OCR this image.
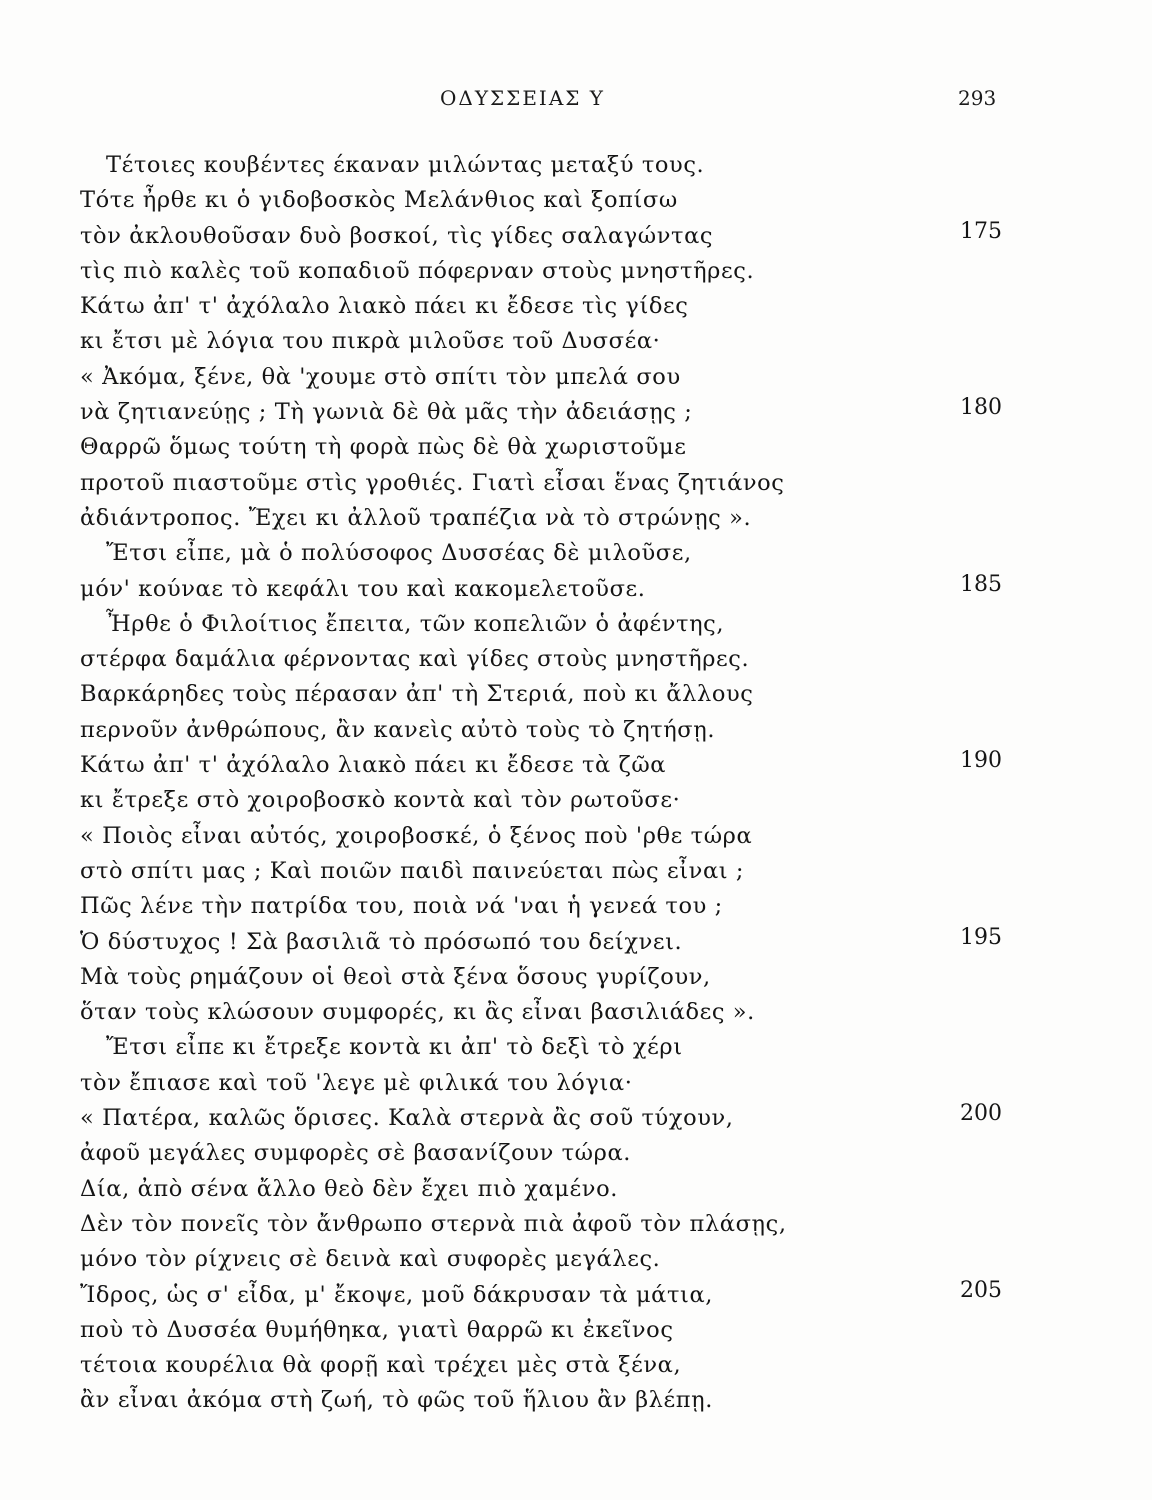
ΟΔΥΣΣΕΙΑΣ Υ	293
Τέτοιες κουβέντες έκαναν μιλώντας μεταξύ τους.
Τότε ἦρθε κι ὁ γιδοβοσκὸς Μελάνθιος καὶ ξοπίσω
τὸν ἀκλουθοῦσαν δυὸ βοσκοί, τὶς γίδες σαλαγώντας	175
τὶς πιὸ καλὲς τοῦ κοπαδιοῦ πόφερναν στοὺς μνηστῆρες.
Κάτω ἀπ' τ' ἀχόλαλο λιακὸ πάει κι ἔδεσε τὶς γίδες
κι ἔτσι μὲ λόγια του πικρὰ μιλοῦσε τοῦ Δυσσέα·
« Ἀκόμα, ξένε, θὰ 'χουμε στὸ σπίτι τὸν μπελά σου
νὰ ζητιανεύῃς ; Τὴ γωνιὰ δὲ θὰ μᾶς τὴν ἀδειάσῃς ;	180
Θαρρῶ ὅμως τούτη τὴ φορὰ πὼς δὲ θὰ χωριστοῦμε
προτοῦ πιαστοῦμε στὶς γροθιές. Γιατὶ εἶσαι ἕνας ζητιάνος
ἀδιάντροπος. Ἔχει κι ἀλλοῦ τραπέζια νὰ τὸ στρώνῃς ».
Ἔτσι εἶπε, μὰ ὁ πολύσοφος Δυσσέας δὲ μιλοῦσε,
μόν' κούναε τὸ κεφάλι του καὶ κακομελετοῦσε.	185
Ἦρθε ὁ Φιλοίτιος ἔπειτα, τῶν κοπελιῶν ὁ ἀφέντης,
στέρφα δαμάλια φέρνοντας καὶ γίδες στοὺς μνηστῆρες.
Βαρκάρηδες τοὺς πέρασαν ἀπ' τὴ Στεριά, ποὺ κι ἄλλους
περνοῦν ἀνθρώπους, ἂν κανεὶς αὐτὸ τοὺς τὸ ζητήσῃ.
Κάτω ἀπ' τ' ἀχόλαλο λιακὸ πάει κι ἔδεσε τὰ ζῶα	190
κι ἔτρεξε στὸ χοιροβοσκὸ κοντὰ καὶ τὸν ρωτοῦσε·
« Ποιὸς εἶναι αὐτός, χοιροβοσκέ, ὁ ξένος ποὺ 'ρθε τώρα
στὸ σπίτι μας ; Καὶ ποιῶν παιδὶ παινεύεται πὼς εἶναι ;
Πῶς λένε τὴν πατρίδα του, ποιὰ νά 'ναι ἡ γενεά του ;
Ὁ δύστυχος ! Σὰ βασιλιᾶ τὸ πρόσωπό του δείχνει.	195
Μὰ τοὺς ρημάζουν οἱ θεοὶ στὰ ξένα ὅσους γυρίζουν,
ὅταν τοὺς κλώσουν συμφορές, κι ἂς εἶναι βασιλιάδες ».
Ἔτσι εἶπε κι ἔτρεξε κοντὰ κι ἀπ' τὸ δεξὶ τὸ χέρι
τὸν ἔπιασε καὶ τοῦ 'λεγε μὲ φιλικά του λόγια·
« Πατέρα, καλῶς ὅρισες. Καλὰ στερνὰ ἂς σοῦ τύχουν,	200
ἀφοῦ μεγάλες συμφορὲς σὲ βασανίζουν τώρα.
Δία, ἀπὸ σένα ἄλλο θεὸ δὲν ἔχει πιὸ χαμένο.
Δὲν τὸν πονεῖς τὸν ἄνθρωπο στερνὰ πιὰ ἀφοῦ τὸν πλάσῃς,
μόνο τὸν ρίχνεις σὲ δεινὰ καὶ συφορὲς μεγάλες.
Ἴδρος, ὡς σ' εἶδα, μ' ἔκοψε, μοῦ δάκρυσαν τὰ μάτια,	205
ποὺ τὸ Δυσσέα θυμήθηκα, γιατὶ θαρρῶ κι ἐκεῖνος
τέτοια κουρέλια θὰ φορῇ καὶ τρέχει μὲς στὰ ξένα,
ἂν εἶναι ἀκόμα στὴ ζωή, τὸ φῶς τοῦ ἥλιου ἂν βλέπῃ.
